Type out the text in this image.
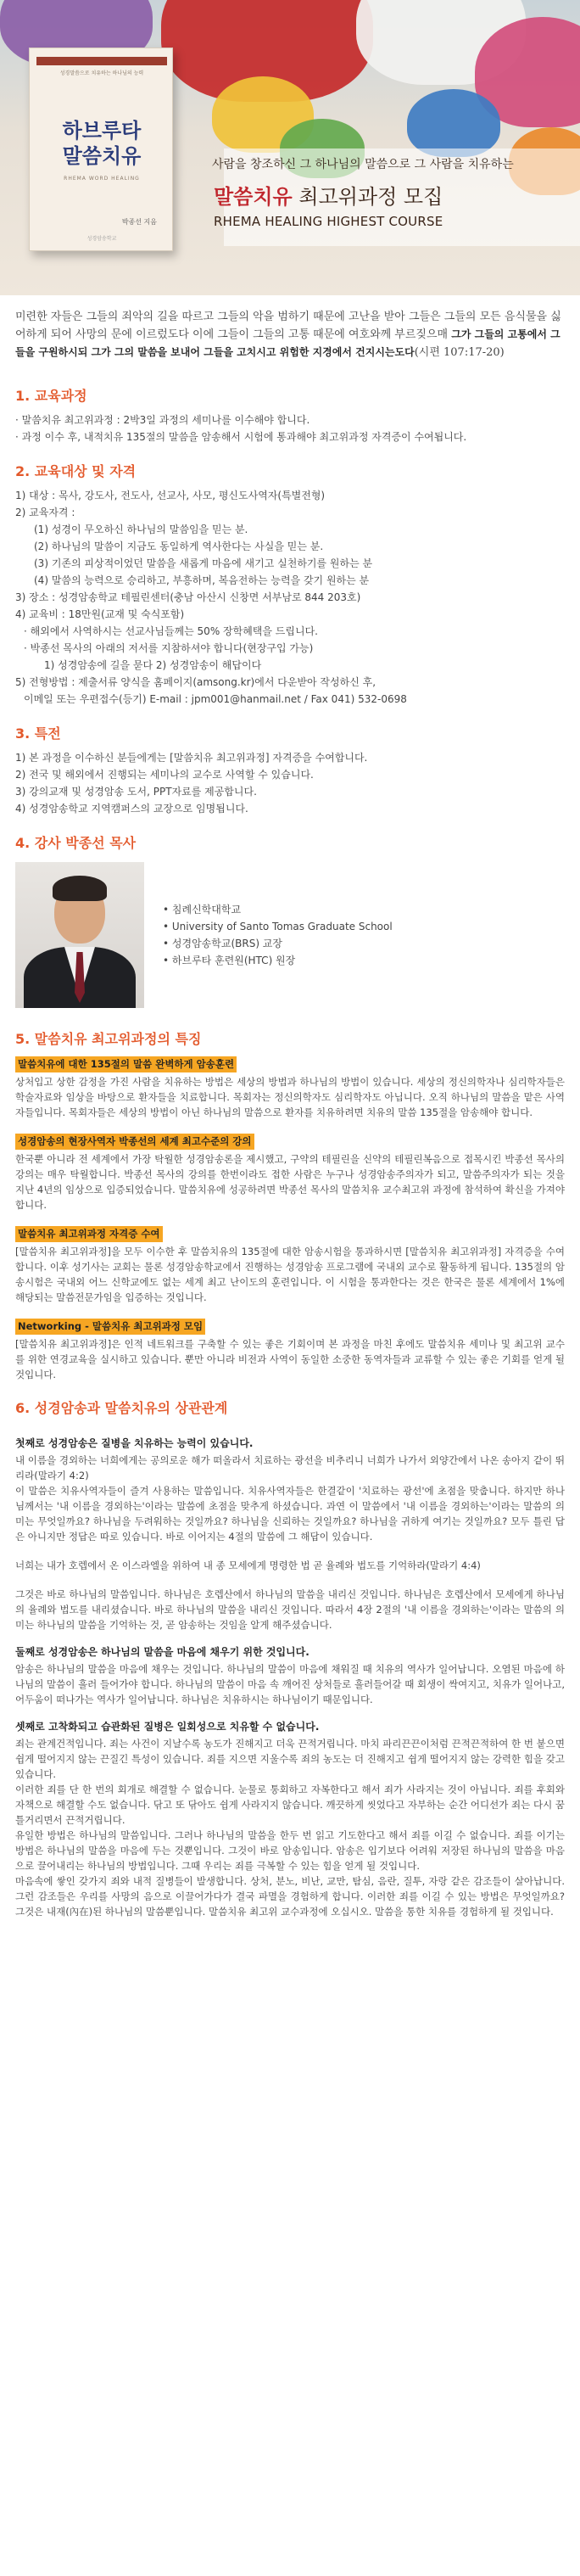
성경말씀으로 치유하는 하나님의 능력
하브루타
말씀치유
RHEMA WORD HEALING
박종선 지음
성경암송학교
사람을 창조하신 그 하나님의 말씀으로 그 사람을 치유하는
말씀치유 최고위과정 모집
RHEMA HEALING HIGHEST COURSE
미련한 자들은 그들의 죄악의 길을 따르고 그들의 악을 범하기 때문에 고난을 받아 그들은 그들의 모든 음식물을 싫어하게 되어 사망의 문에 이르렀도다 이에 그들이 그들의 고통 때문에 여호와께 부르짖으매 그가 그들의 고통에서 그들을 구원하시되 그가 그의 말씀을 보내어 그들을 고치시고 위험한 지경에서 건지시는도다(시편 107:17-20)
1. 교육과정
· 말씀치유 최고위과정 : 2박3일 과정의 세미나를 이수해야 합니다.
· 과정 이수 후, 내적치유 135절의 말씀을 암송해서 시험에 통과해야 최고위과정 자격증이 수여됩니다.
2. 교육대상 및 자격
1) 대상 : 목사, 강도사, 전도사, 선교사, 사모, 평신도사역자(특별전형)
2) 교육자격 :
(1) 성경이 무오하신 하나님의 말씀임을 믿는 분.
(2) 하나님의 말씀이 지금도 동일하게 역사한다는 사실을 믿는 분.
(3) 기존의 피상적이었던 말씀을 새롭게 마음에 새기고 실천하기를 원하는 분
(4) 말씀의 능력으로 승리하고, 부흥하며, 복음전하는 능력을 갖기 원하는 분
3) 장소 : 성경암송학교 테필린센터(충남 아산시 신창면 서부남로 844 203호)
4) 교육비 : 18만원(교재 및 숙식포함)
· 해외에서 사역하시는 선교사님들께는 50% 장학혜택을 드립니다.
· 박종선 목사의 아래의 저서를 지참하셔야 합니다(현장구입 가능)
1) 성경암송에 길을 묻다 2) 성경암송이 해답이다
5) 전형방법 : 제출서류 양식을 홈페이지(amsong.kr)에서 다운받아 작성하신 후,
이메일 또는 우편접수(등기) E-mail : jpm001@hanmail.net / Fax 041) 532-0698
3. 특전
1) 본 과정을 이수하신 분들에게는 [말씀치유 최고위과정] 자격증을 수여합니다.
2) 전국 및 해외에서 진행되는 세미나의 교수로 사역할 수 있습니다.
3) 강의교재 및 성경암송 도서, PPT자료를 제공합니다.
4) 성경암송학교 지역캠퍼스의 교장으로 임명됩니다.
4. 강사 박종선 목사
• 침례신학대학교
• University of Santo Tomas Graduate School
• 성경암송학교(BRS) 교장
• 하브루타 훈련원(HTC) 원장
5. 말씀치유 최고위과정의 특징
말씀치유에 대한 135절의 말씀 완벽하게 암송훈련
상처입고 상한 감정을 가진 사람을 치유하는 방법은 세상의 방법과 하나님의 방법이 있습니다. 세상의 정신의학자나 심리학자들은 학술자료와 임상을 바탕으로 환자들을 치료합니다. 목회자는 정신의학자도 심리학자도 아닙니다. 오직 하나님의 말씀을 맡은 사역자들입니다. 목회자들은 세상의 방법이 아닌 하나님의 말씀으로 환자를 치유하려면 치유의 말씀 135절을 암송해야 합니다.
성경암송의 현장사역자 박종선의 세계 최고수준의 강의
한국뿐 아니라 전 세계에서 가장 탁월한 성경암송론을 제시했고, 구약의 테필린을 신약의 테필린복음으로 접목시킨 박종선 목사의 강의는 매우 탁월합니다. 박종선 목사의 강의를 한번이라도 접한 사람은 누구나 성경암송주의자가 되고, 말씀주의자가 되는 것을 지난 4년의 임상으로 입증되었습니다. 말씀치유에 성공하려면 박종선 목사의 말씀치유 교수최고위 과정에 참석하여 확신을 가져야 합니다.
말씀치유 최고위과정 자격증 수여
[말씀치유 최고위과정]을 모두 이수한 후 말씀치유의 135절에 대한 암송시험을 통과하시면 [말씀치유 최고위과정] 자격증을 수여합니다. 이후 성기사는 교회는 물론 성경암송학교에서 진행하는 성경암송 프로그램에 국내외 교수로 활동하게 됩니다. 135절의 암송시험은 국내외 어느 신학교에도 없는 세계 최고 난이도의 훈련입니다. 이 시험을 통과한다는 것은 한국은 물론 세계에서 1%에 해당되는 말씀전문가임을 입증하는 것입니다.
Networking - 말씀치유 최고위과정 모임
[말씀치유 최고위과정]은 인적 네트워크를 구축할 수 있는 좋은 기회이며 본 과정을 마친 후에도 말씀치유 세미나 및 최고위 교수를 위한 연경교육을 실시하고 있습니다. 뿐만 아니라 비전과 사역이 동일한 소중한 동역자들과 교류할 수 있는 좋은 기회를 얻게 될 것입니다.
6. 성경암송과 말씀치유의 상관관계
첫째로 성경암송은 질병을 치유하는 능력이 있습니다.
내 이름을 경외하는 너희에게는 공의로운 해가 떠올라서 치료하는 광선을 비추리니 너희가 나가서 외양간에서 나온 송아지 같이 뛰리라(말라기 4:2)
이 말씀은 치유사역자들이 즐겨 사용하는 말씀입니다. 치유사역자들은 한결같이 '치료하는 광선'에 초점을 맞춥니다. 하지만 하나님께서는 '내 이름을 경외하는'이라는 말씀에 초점을 맞추게 하셨습니다. 과연 이 말씀에서 '내 이름을 경외하는'이라는 말씀의 의미는 무엇일까요? 하나님을 두려워하는 것일까요? 하나님을 신뢰하는 것일까요? 하나님을 귀하게 여기는 것일까요? 모두 틀린 답은 아니지만 정답은 따로 있습니다. 바로 이어지는 4절의 말씀에 그 해답이 있습니다.
너희는 내가 호렙에서 온 이스라엘을 위하여 내 종 모세에게 명령한 법 곧 율례와 법도를 기억하라(말라기 4:4)
그것은 바로 하나님의 말씀입니다. 하나님은 호렙산에서 하나님의 말씀을 내리신 것입니다. 하나님은 호렙산에서 모세에게 하나님의 율례와 법도를 내리셨습니다. 바로 하나님의 말씀을 내리신 것입니다. 따라서 4장 2절의 '내 이름을 경외하는'이라는 말씀의 의미는 하나님의 말씀을 기억하는 것, 곧 암송하는 것임을 알게 해주셨습니다.
둘째로 성경암송은 하나님의 말씀을 마음에 채우기 위한 것입니다.
암송은 하나님의 말씀을 마음에 채우는 것입니다. 하나님의 말씀이 마음에 채워질 때 치유의 역사가 일어납니다. 오염된 마음에 하나님의 말씀이 흘러 들어가야 합니다. 하나님의 말씀이 마음 속 깨어진 상처들로 흘러들어갈 때 회생이 싹여지고, 치유가 일어나고, 어두움이 떠나가는 역사가 일어납니다. 하나님은 치유하시는 하나님이기 때문입니다.
셋째로 고착화되고 습관화된 질병은 일회성으로 치유할 수 없습니다.
죄는 관계건적입니다. 죄는 사건이 지날수록 농도가 진해지고 더욱 끈적거립니다. 마치 파리끈끈이처럼 끈적끈적하여 한 번 붙으면 쉽게 떨어지지 않는 끈질긴 특성이 있습니다. 죄를 지으면 지울수록 죄의 농도는 더 진해지고 쉽게 떨어지지 않는 강력한 힘을 갖고 있습니다.
이러한 죄를 단 한 번의 회개로 해결할 수 없습니다. 눈물로 통회하고 자복한다고 해서 죄가 사라지는 것이 아닙니다. 죄를 후회와 자책으로 해결할 수도 없습니다. 닦고 또 닦아도 쉽게 사라지지 않습니다. 깨끗하게 씻었다고 자부하는 순간 어디선가 죄는 다시 꿈틀거리면서 끈적거립니다.
유일한 방법은 하나님의 말씀입니다. 그러나 하나님의 말씀을 한두 번 읽고 기도한다고 해서 죄를 이길 수 없습니다. 죄를 이기는 방법은 하나님의 말씀을 마음에 두는 것뿐입니다. 그것이 바로 암송입니다. 암송은 입기보다 어려워 저장된 하나님의 말씀을 마음으로 끌어내리는 하나님의 방법입니다. 그때 우리는 죄를 극복할 수 있는 힘을 얻게 될 것입니다.
마음속에 쌓인 갖가지 죄와 내적 질병들이 발생합니다. 상처, 분노, 비난, 교만, 탐심, 음란, 질투, 자랑 같은 감조들이 살아납니다. 그런 감조들은 우리를 사망의 음으로 이끌어가다가 결국 파멸을 경험하게 합니다. 이러한 죄를 이길 수 있는 방법은 무엇일까요? 그것은 내재(內在)된 하나님의 말씀뿐입니다. 말씀치유 최고위 교수과정에 오십시오. 말씀을 통한 치유를 경험하게 될 것입니다.
